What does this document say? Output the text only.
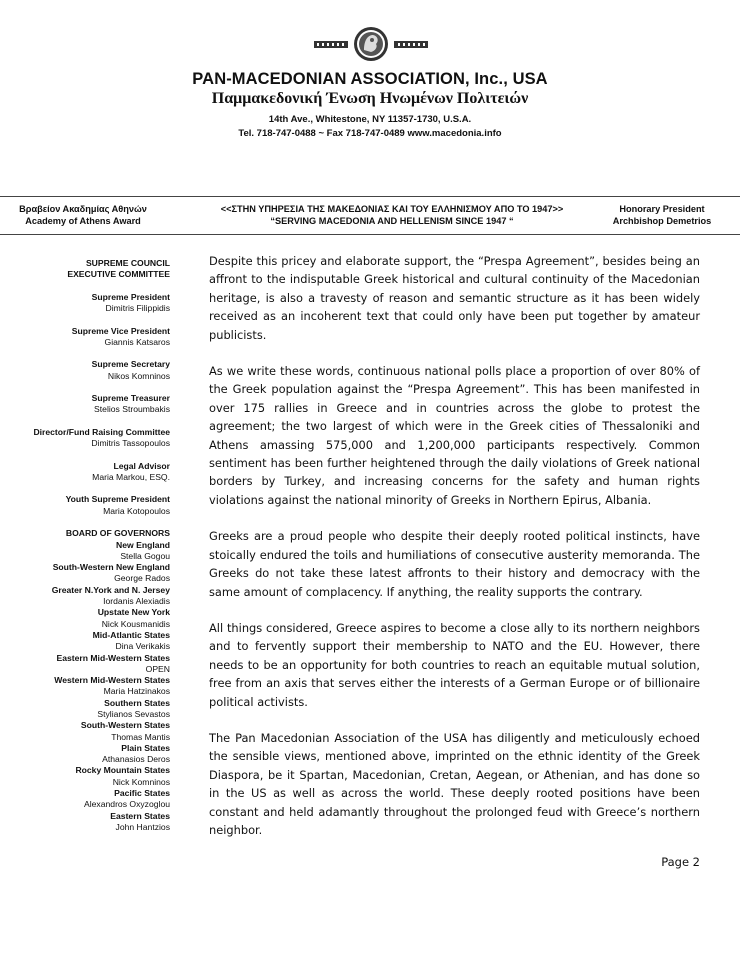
PAN-MACEDONIAN ASSOCIATION, Inc., USA
Παμμακεδονική Ένωση Ηνωμένων Πολιτειών
14th Ave., Whitestone, NY 11357-1730, U.S.A.
Tel. 718-747-0488 ~ Fax 718-747-0489 www.macedonia.info
Βραβείον Ακαδημίας Αθηνών
Academy of Athens Award
<<ΣΤΗΝ ΥΠΗΡΕΣΙΑ ΤΗΣ ΜΑΚΕΔΟΝΙΑΣ ΚΑΙ ΤΟΥ ΕΛΛΗΝΙΣΜΟΥ ΑΠΟ ΤΟ 1947>>
“SERVING MACEDONIA AND HELLENISM SINCE 1947 “
Honorary President
Archbishop Demetrios
SUPREME COUNCIL
EXECUTIVE COMMITTEE
Supreme President
Dimitris Filippidis
Supreme Vice President
Giannis Katsaros
Supreme Secretary
Nikos Komninos
Supreme Treasurer
Stelios Stroumbakis
Director/Fund Raising Committee
Dimitris Tassopoulos
Legal Advisor
Maria Markou, ESQ.
Youth Supreme President
Maria Kotopoulos
BOARD OF GOVERNORS
New England
Stella Gogou
South-Western New England
George Rados
Greater N.York and N. Jersey
Iordanis Alexiadis
Upstate New York
Nick Kousmanidis
Mid-Atlantic States
Dina Verikakis
Eastern Mid-Western States
OPEN
Western Mid-Western States
Maria Hatzinakos
Southern States
Stylianos Sevastos
South-Western States
Thomas Mantis
Plain States
Athanasios Deros
Rocky Mountain States
Nick Komninos
Pacific States
Alexandros Oxyzoglou
Eastern States
John Hantzios

Despite this pricey and elaborate support, the “Prespa Agreement”, besides being an affront to the indisputable Greek historical and cultural continuity of the Macedonian heritage, is also a travesty of reason and semantic structure as it has been widely received as an incoherent text that could only have been put together by amateur publicists.

As we write these words, continuous national polls place a proportion of over 80% of the Greek population against the “Prespa Agreement”. This has been manifested in over 175 rallies in Greece and in countries across the globe to protest the agreement; the two largest of which were in the Greek cities of Thessaloniki and Athens amassing 575,000 and 1,200,000 participants respectively. Common sentiment has been further heightened through the daily violations of Greek national borders by Turkey, and increasing concerns for the safety and human rights violations against the national minority of Greeks in Northern Epirus, Albania.

Greeks are a proud people who despite their deeply rooted political instincts, have stoically endured the toils and humiliations of consecutive austerity memoranda. The Greeks do not take these latest affronts to their history and democracy with the same amount of complacency. If anything, the reality supports the contrary.

All things considered, Greece aspires to become a close ally to its northern neighbors and to fervently support their membership to NATO and the EU. However, there needs to be an opportunity for both countries to reach an equitable mutual solution, free from an axis that serves either the interests of a German Europe or of billionaire political activists.

The Pan Macedonian Association of the USA has diligently and meticulously echoed the sensible views, mentioned above, imprinted on the ethnic identity of the Greek Diaspora, be it Spartan, Macedonian, Cretan, Aegean, or Athenian, and has done so in the US as well as across the world. These deeply rooted positions have been constant and held adamantly throughout the prolonged feud with Greece’s northern neighbor.

Page 2
